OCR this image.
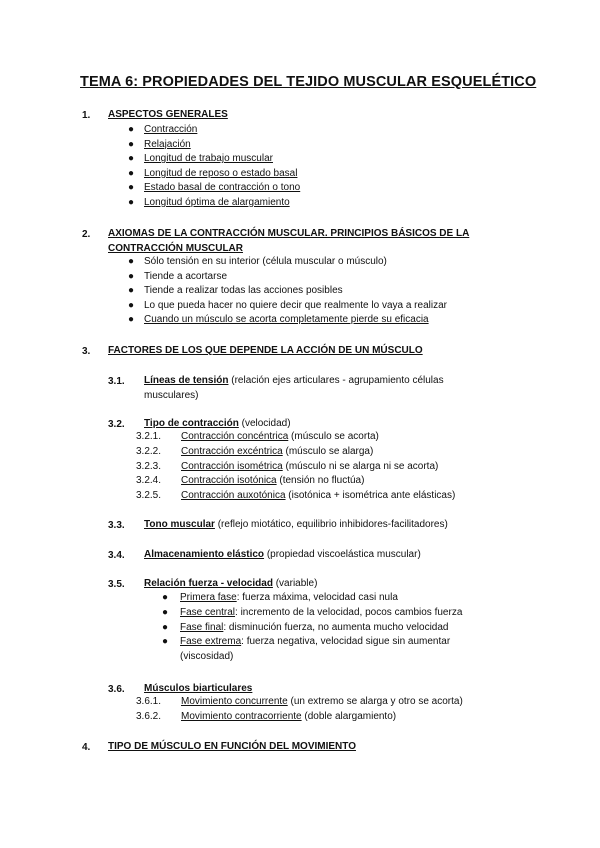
TEMA 6: PROPIEDADES DEL TEJIDO MUSCULAR ESQUELÉTICO
1. ASPECTOS GENERALES
● Contracción
● Relajación
● Longitud de trabajo muscular
● Longitud de reposo o estado basal
● Estado basal de contracción o tono
● Longitud óptima de alargamiento
2. AXIOMAS DE LA CONTRACCIÓN MUSCULAR. PRINCIPIOS BÁSICOS DE LA
CONTRACCIÓN MUSCULAR
● Sólo tensión en su interior (célula muscular o músculo)
● Tiende a acortarse
● Tiende a realizar todas las acciones posibles
● Lo que pueda hacer no quiere decir que realmente lo vaya a realizar
● Cuando un músculo se acorta completamente pierde su eficacia
3. FACTORES DE LOS QUE DEPENDE LA ACCIÓN DE UN MÚSCULO
3.1. Líneas de tensión (relación ejes articulares - agrupamiento células
musculares)
3.2. Tipo de contracción (velocidad)
3.2.1.	Contracción concéntrica (músculo se acorta)
3.2.2.	Contracción excéntrica (músculo se alarga)
3.2.3.	Contracción isométrica (músculo ni se alarga ni se acorta)
3.2.4.	Contracción isotónica (tensión no fluctúa)
3.2.5.	Contracción auxotónica (isotónica + isométrica ante elásticas)
3.3. Tono muscular (reflejo miotático, equilibrio inhibidores-facilitadores)
3.4. Almacenamiento elástico (propiedad viscoelástica muscular)
3.5. Relación fuerza - velocidad (variable)
● Primera fase: fuerza máxima, velocidad casi nula
● Fase central: incremento de la velocidad, pocos cambios fuerza
● Fase final: disminución fuerza, no aumenta mucho velocidad
● Fase extrema: fuerza negativa, velocidad sigue sin aumentar
(viscosidad)
3.6. Músculos biarticulares
3.6.1.	Movimiento concurrente (un extremo se alarga y otro se acorta)
3.6.2.	Movimiento contracorriente (doble alargamiento)
4. TIPO DE MÚSCULO EN FUNCIÓN DEL MOVIMIENTO
